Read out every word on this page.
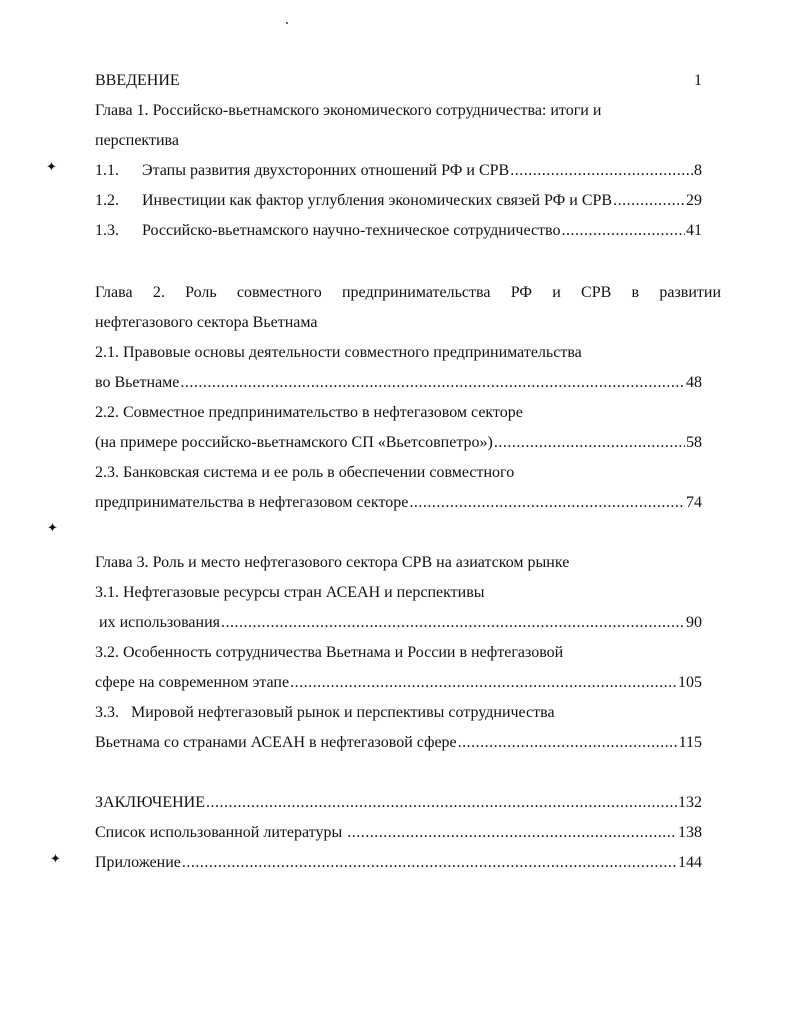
ВВЕДЕНИЕ	1
Глава 1. Российско-вьетнамского экономического сотрудничества: итоги и
перспектива
✦ 1.1. Этапы развития двухсторонних отношений РФ и СРВ .....	8
1.2. Инвестиции как фактор углубления экономических связей РФ и СРВ .....	29
1.3. Российско-вьетнамского научно-техническое сотрудничество .....	41
Глава 2. Роль совместного предпринимательства РФ и СРВ в развитии
нефтегазового сектора Вьетнама
2.1. Правовые основы деятельности совместного предпринимательства
во Вьетнаме .....	48
2.2. Совместное предпринимательство в нефтегазовом секторе
(на примере российско-вьетнамского СП «Вьетсовпетро») .....	58
2.3. Банковская система и ее роль в обеспечении совместного
предпринимательства в нефтегазовом секторе .....	74
✦
Глава 3. Роль и место нефтегазового сектора СРВ на азиатском рынке
3.1. Нефтегазовые ресурсы стран АСЕАН и перспективы
их использования .....	90
3.2. Особенность сотрудничества Вьетнама и России в нефтегазовой
сфере на современном этапе .....	105
3.3.   Мировой нефтегазовый рынок и перспективы сотрудничества
Вьетнама со странами АСЕАН в нефтегазовой сфере .....	115
ЗАКЛЮЧЕНИЕ .....	132
Список использованной литературы .....	138
✦ Приложение .....	144
